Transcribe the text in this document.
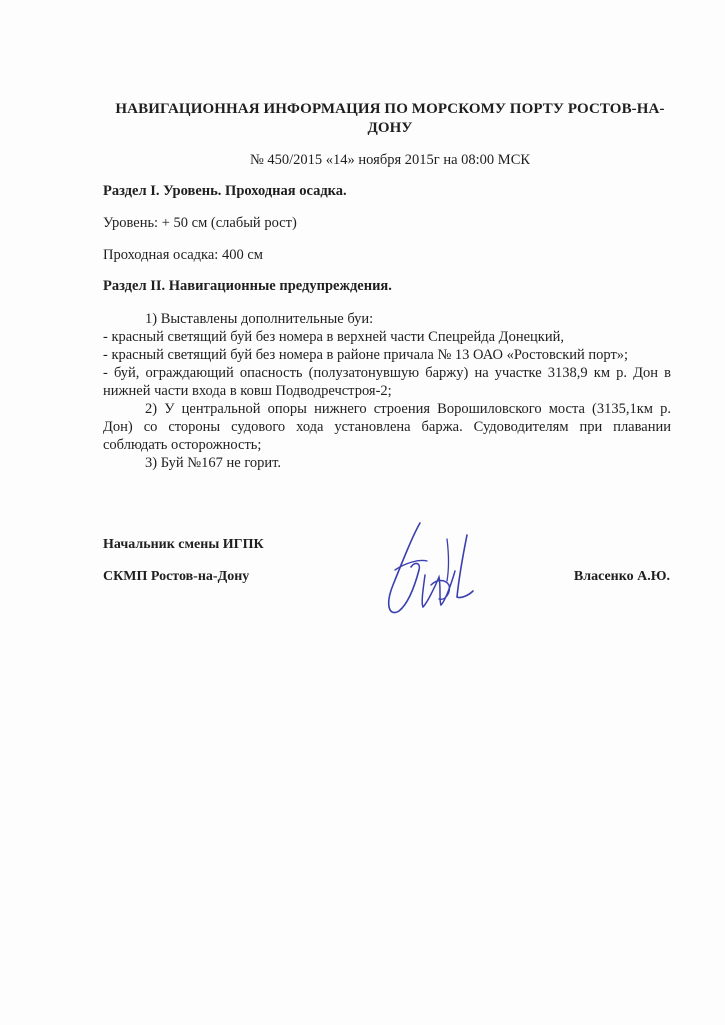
НАВИГАЦИОННАЯ ИНФОРМАЦИЯ ПО МОРСКОМУ ПОРТУ РОСТОВ-НА-ДОНУ
№ 450/2015 «14» ноября 2015г на 08:00 МСК
Раздел I. Уровень. Проходная осадка.
Уровень: + 50 см (слабый рост)
Проходная осадка: 400 см
Раздел II. Навигационные предупреждения.

1) Выставлены дополнительные буи:

- красный светящий буй без номера в верхней части Спецрейда Донецкий,

- красный светящий буй без номера в районе причала № 13 ОАО «Ростовский порт»;

- буй, ограждающий опасность (полузатонувшую баржу) на участке 3138,9 км р. Дон в нижней части входа в ковш Подводречстроя-2;

2) У центральной опоры нижнего строения Ворошиловского моста (3135,1км р. Дон) со стороны судового хода установлена баржа. Судоводителям при плавании соблюдать осторожность;

3) Буй №167 не горит.

Начальник смены ИГПК
СКМП Ростов-на-Дону	Власенко А.Ю.
